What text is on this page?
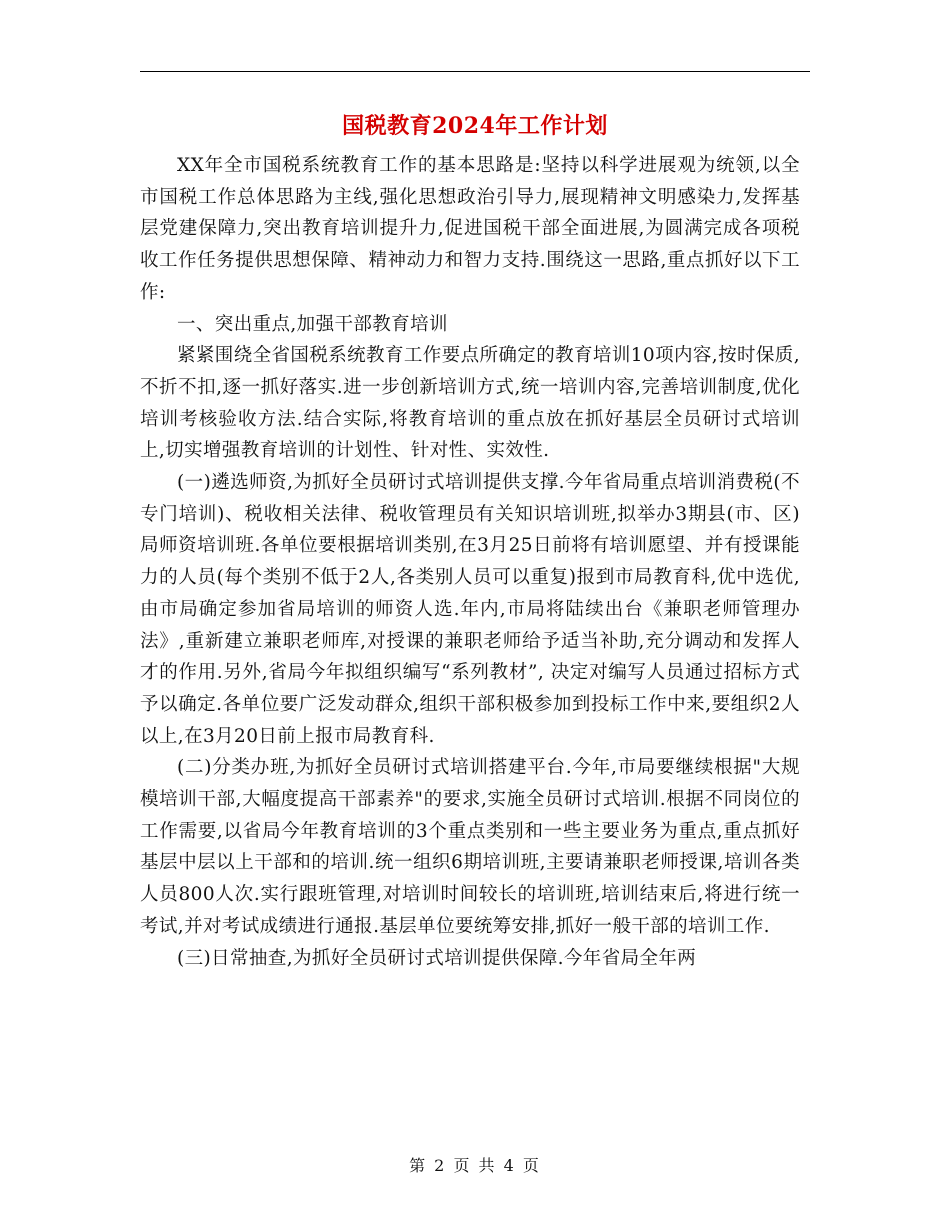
国税教育2024年工作计划

XX年全市国税系统教育工作的基本思路是:坚持以科学进展观为统领,以全市国税工作总体思路为主线,强化思想政治引导力,展现精神文明感染力,发挥基层党建保障力,突出教育培训提升力,促进国税干部全面进展,为圆满完成各项税收工作任务提供思想保障、精神动力和智力支持.围绕这一思路,重点抓好以下工作:

一、突出重点,加强干部教育培训

紧紧围绕全省国税系统教育工作要点所确定的教育培训10项内容,按时保质,不折不扣,逐一抓好落实.进一步创新培训方式,统一培训内容,完善培训制度,优化培训考核验收方法.结合实际,将教育培训的重点放在抓好基层全员研讨式培训上,切实增强教育培训的计划性、针对性、实效性.

(一)遴选师资,为抓好全员研讨式培训提供支撑.今年省局重点培训消费税(不专门培训)、税收相关法律、税收管理员有关知识培训班,拟举办3期县(市、区)局师资培训班.各单位要根据培训类别,在3月25日前将有培训愿望、并有授课能力的人员(每个类别不低于2人,各类别人员可以重复)报到市局教育科,优中选优,由市局确定参加省局培训的师资人选.年内,市局将陆续出台《兼职老师管理办法》,重新建立兼职老师库,对授课的兼职老师给予适当补助,充分调动和发挥人才的作用.另外,省局今年拟组织编写“系列教材”, 决定对编写人员通过招标方式予以确定.各单位要广泛发动群众,组织干部积极参加到投标工作中来,要组织2人以上,在3月20日前上报市局教育科.

(二)分类办班,为抓好全员研讨式培训搭建平台.今年,市局要继续根据"大规模培训干部,大幅度提高干部素养"的要求,实施全员研讨式培训.根据不同岗位的工作需要,以省局今年教育培训的3个重点类别和一些主要业务为重点,重点抓好基层中层以上干部和的培训.统一组织6期培训班,主要请兼职老师授课,培训各类人员800人次.实行跟班管理,对培训时间较长的培训班,培训结束后,将进行统一考试,并对考试成绩进行通报.基层单位要统筹安排,抓好一般干部的培训工作.

(三)日常抽查,为抓好全员研讨式培训提供保障.今年省局全年两

第 2 页 共 4 页
